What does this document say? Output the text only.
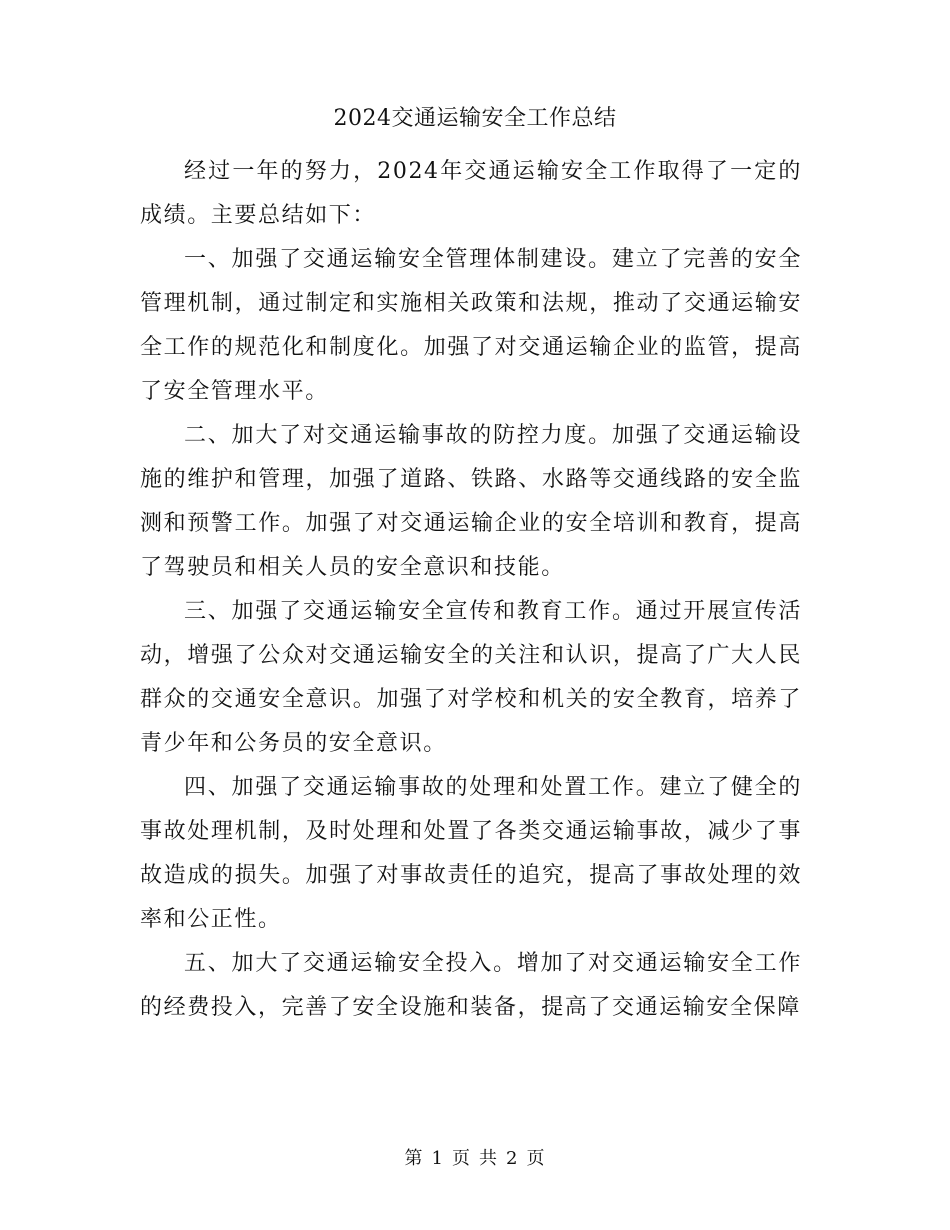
2024交通运输安全工作总结

经过一年的努力，2024年交通运输安全工作取得了一定的成绩。主要总结如下：

一、加强了交通运输安全管理体制建设。建立了完善的安全管理机制，通过制定和实施相关政策和法规，推动了交通运输安全工作的规范化和制度化。加强了对交通运输企业的监管，提高了安全管理水平。

二、加大了对交通运输事故的防控力度。加强了交通运输设施的维护和管理，加强了道路、铁路、水路等交通线路的安全监测和预警工作。加强了对交通运输企业的安全培训和教育，提高了驾驶员和相关人员的安全意识和技能。

三、加强了交通运输安全宣传和教育工作。通过开展宣传活动，增强了公众对交通运输安全的关注和认识，提高了广大人民群众的交通安全意识。加强了对学校和机关的安全教育，培养了青少年和公务员的安全意识。

四、加强了交通运输事故的处理和处置工作。建立了健全的事故处理机制，及时处理和处置了各类交通运输事故，减少了事故造成的损失。加强了对事故责任的追究，提高了事故处理的效率和公正性。

五、加大了交通运输安全投入。增加了对交通运输安全工作的经费投入，完善了安全设施和装备，提高了交通运输安全保障

第 1 页 共 2 页
